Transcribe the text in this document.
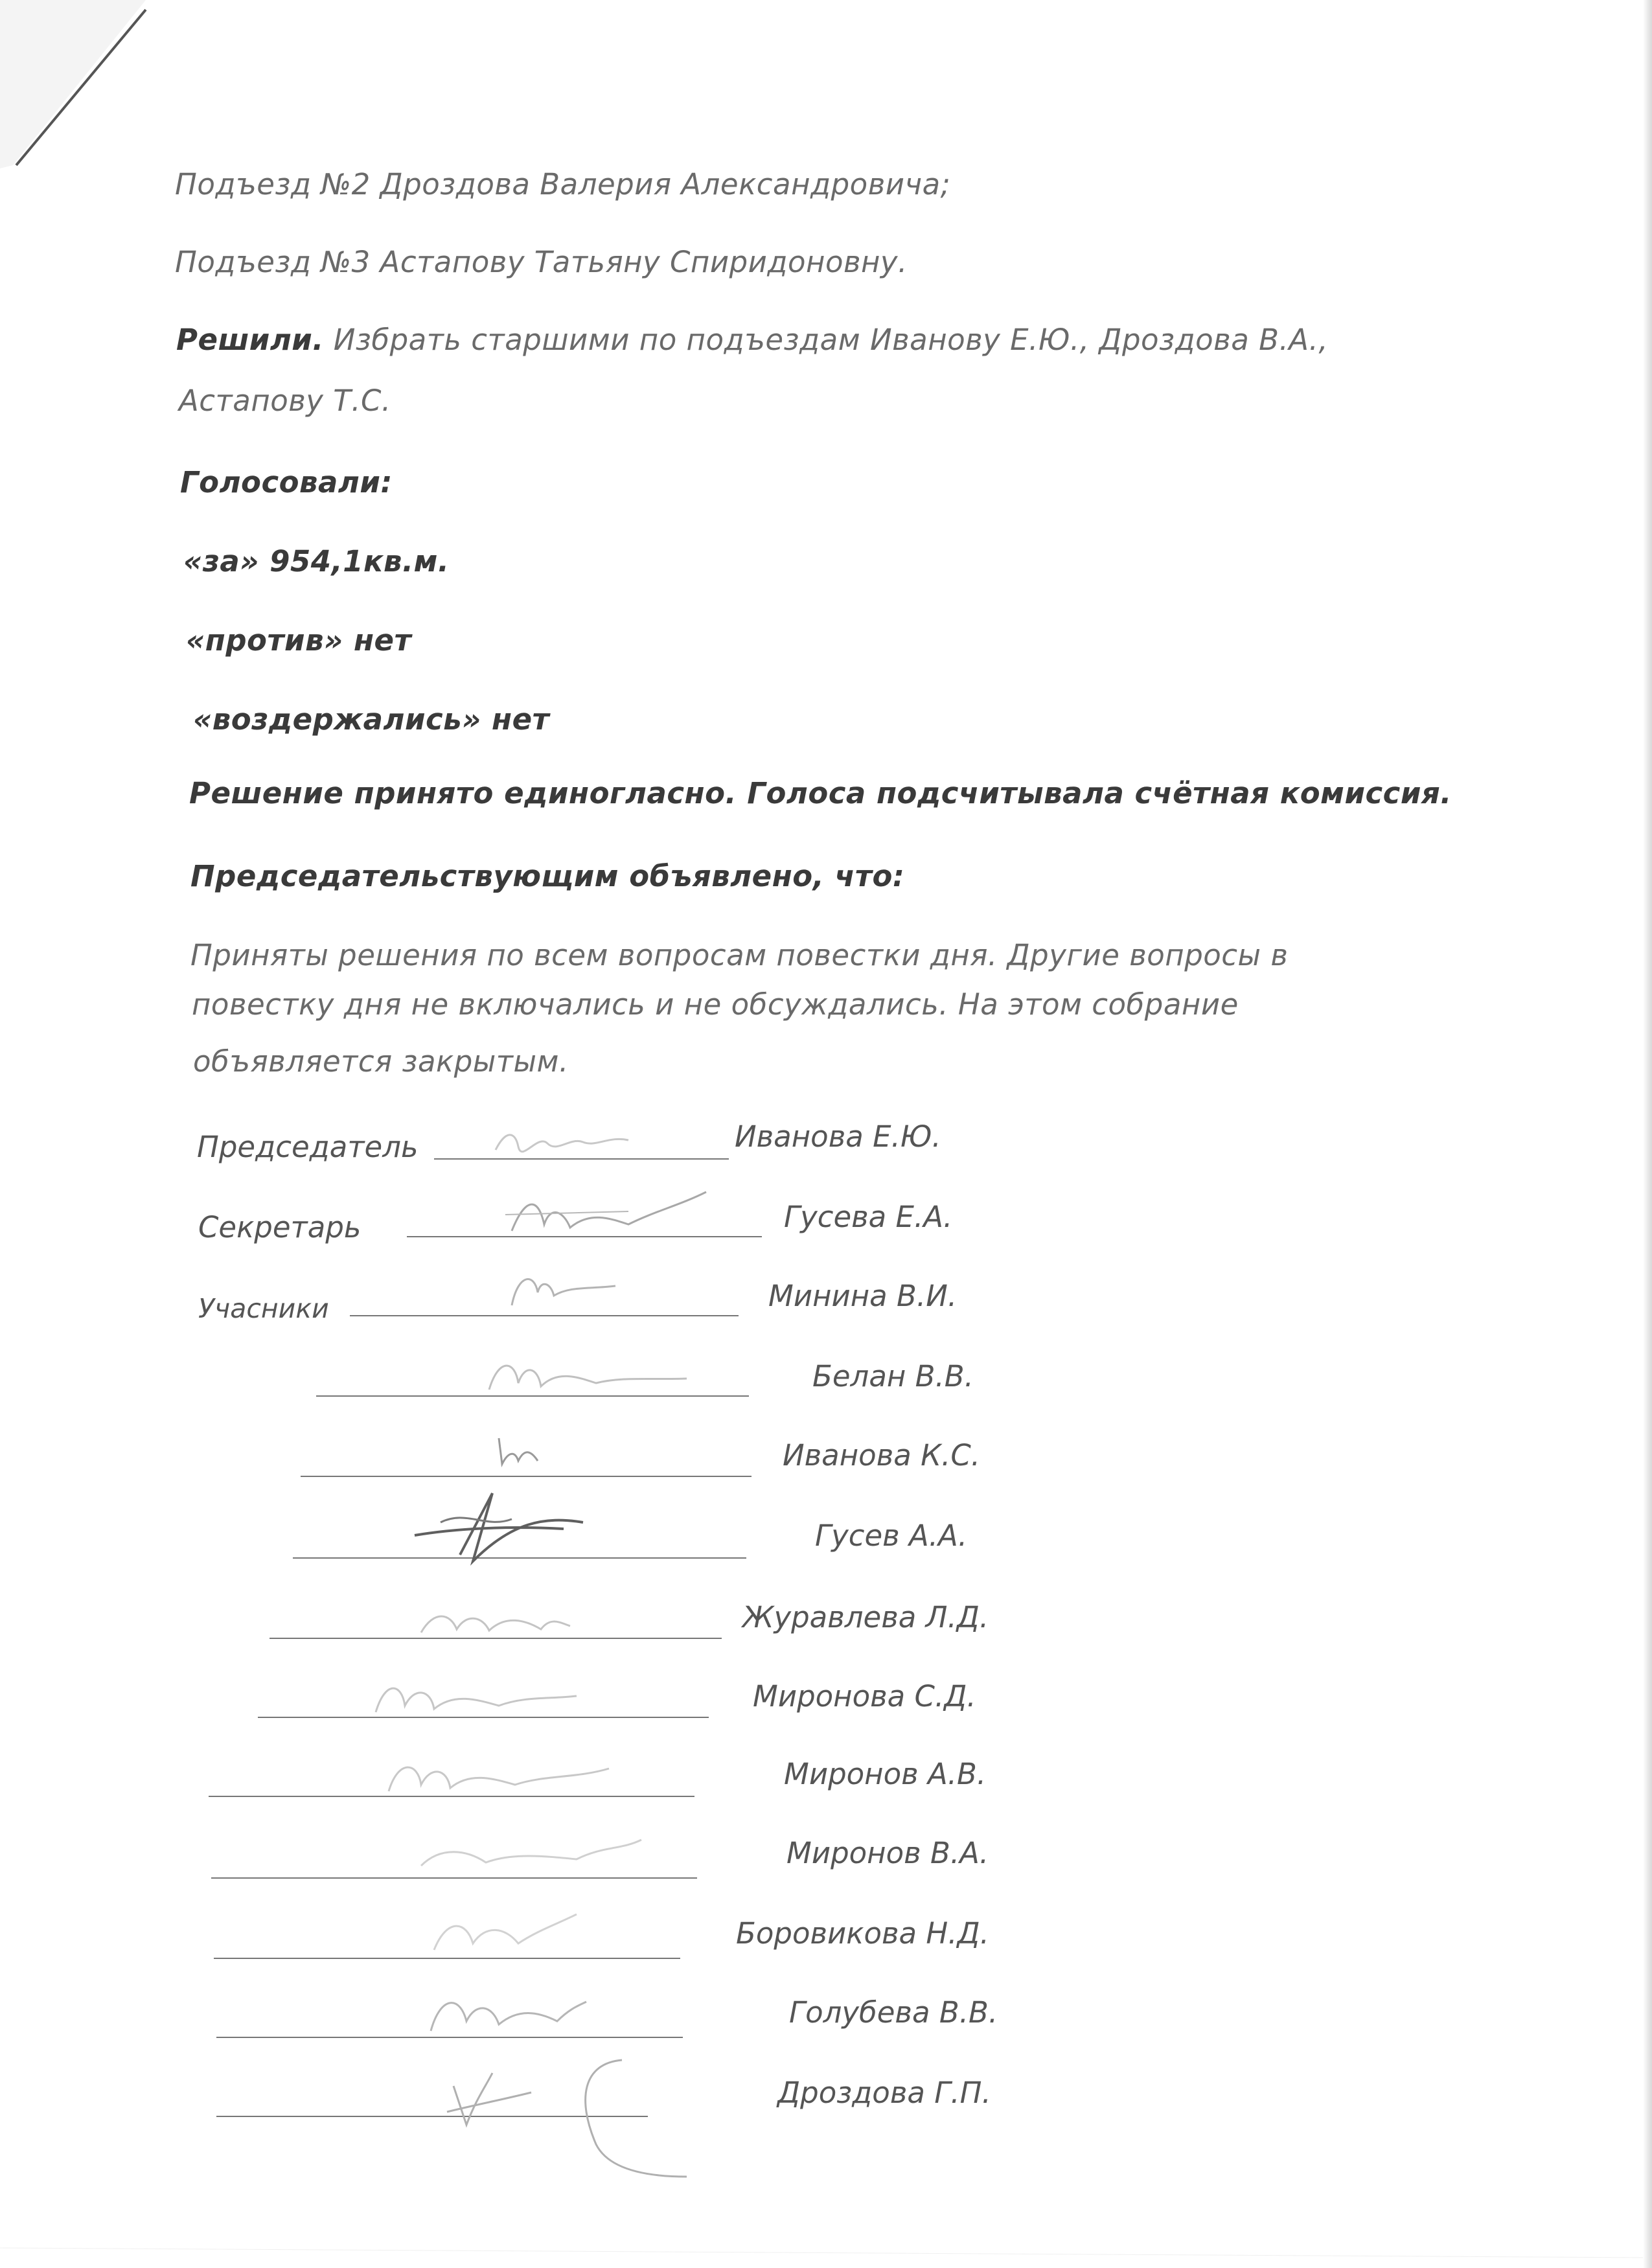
Подъезд №2 Дроздова Валерия Александровича;
Подъезд №3 Астапову Татьяну Спиридоновну.
Решили. Избрать старшими по подъездам Иванову Е.Ю., Дроздова В.А.,
Астапову Т.С.
Голосовали:
«за» 954,1кв.м.
«против» нет
«воздержались» нет
Решение принято единогласно. Голоса подсчитывала счётная комиссия.
Председательствующим объявлено, что:
Приняты решения по всем вопросам повестки дня. Другие вопросы в
повестку дня не включались и не обсуждались. На этом собрание
объявляется закрытым.
Председатель	Иванова Е.Ю.
Секретарь	Гусева Е.А.
Учасники	Минина В.И.
Белан В.В.
Иванова К.С.
Гусев А.А.
Журавлева Л.Д.
Миронова С.Д.
Миронов А.В.
Миронов В.А.
Боровикова Н.Д.
Голубева В.В.
Дроздова Г.П.
